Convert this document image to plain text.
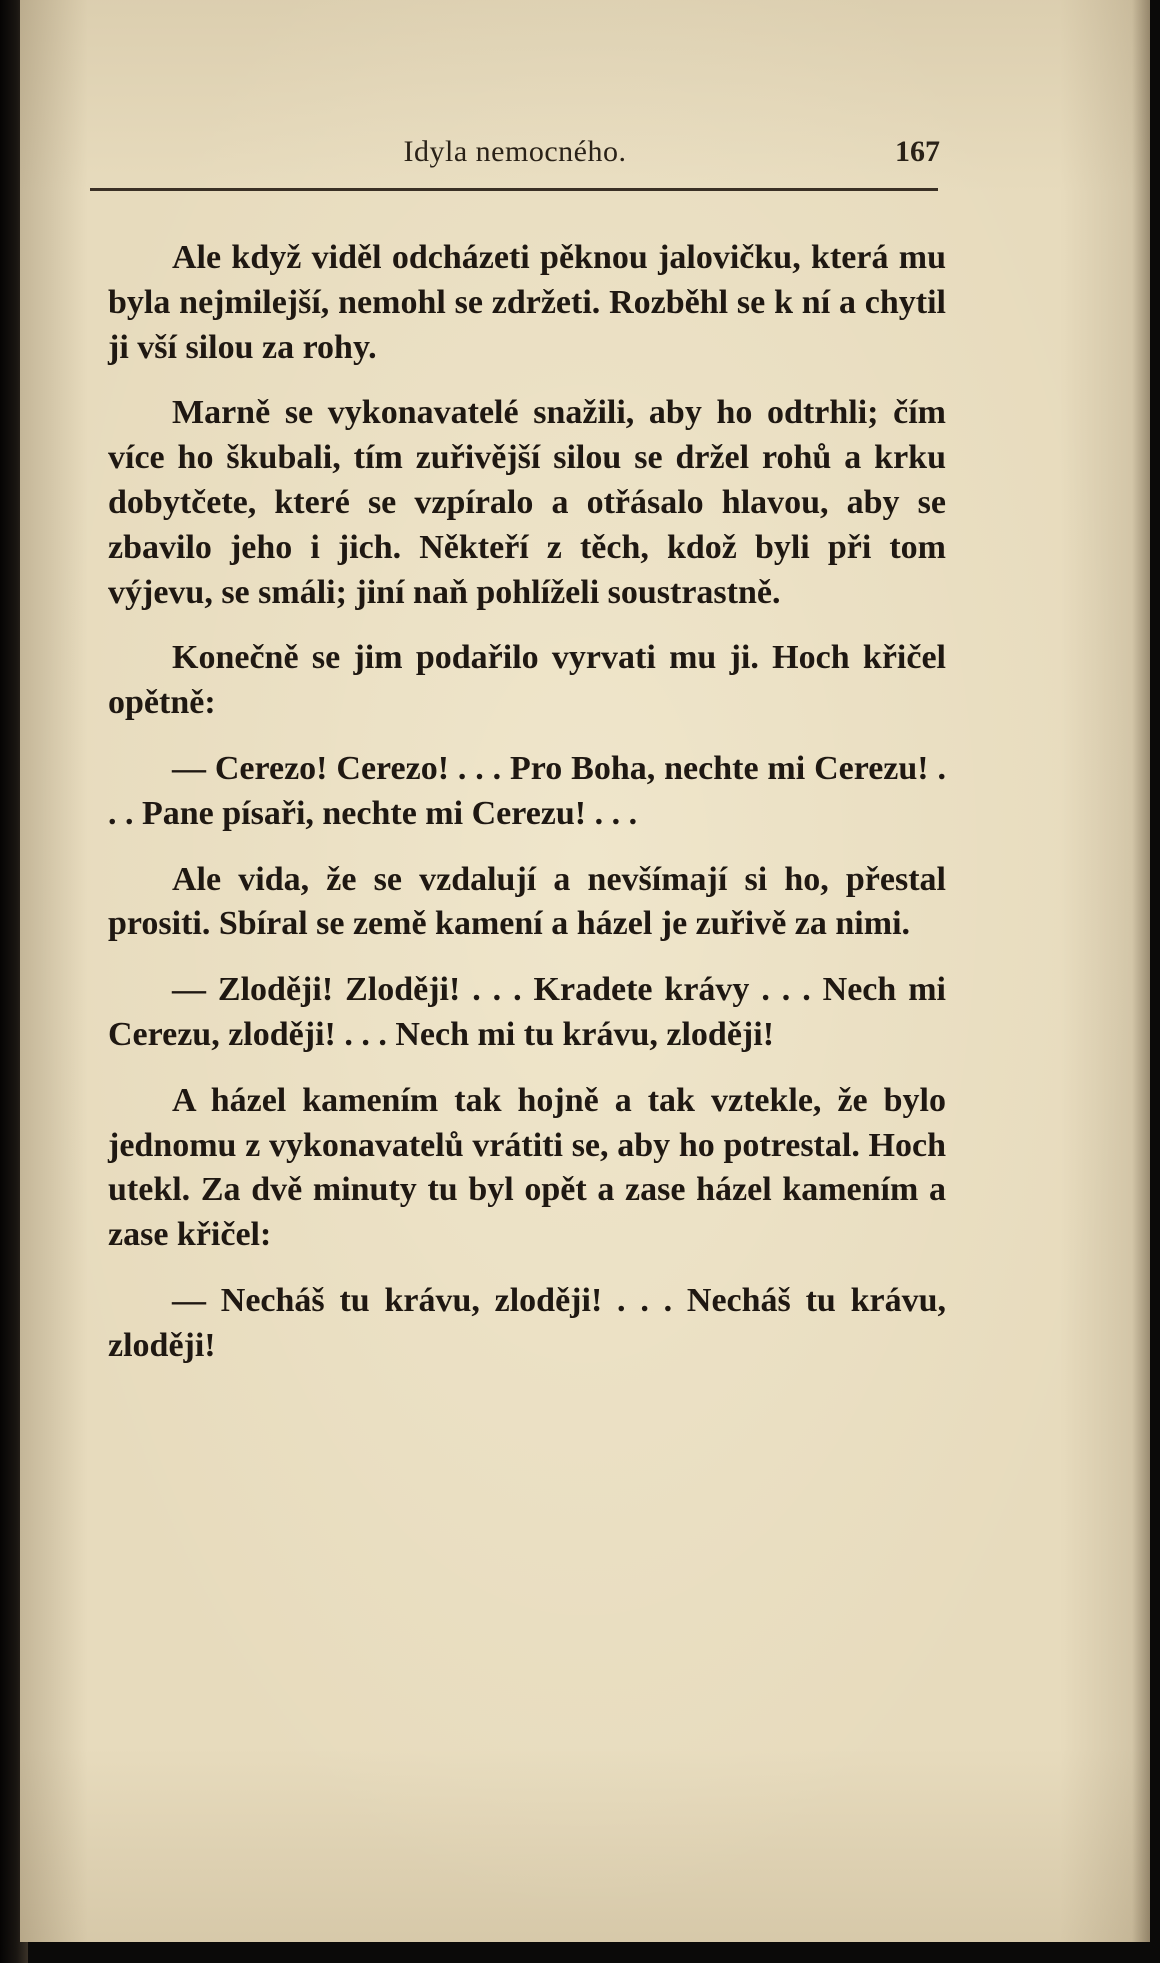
Idyla nemocného.	167

Ale když viděl odcházeti pěknou jalovičku, která mu byla nejmilejší, nemohl se zdržeti. Rozběhl se k ní a chytil ji vší silou za rohy.

Marně se vykonavatelé snažili, aby ho odtrhli; čím více ho škubali, tím zuřivější silou se držel rohů a krku dobytčete, které se vzpíralo a otřásalo hlavou, aby se zbavilo jeho i jich. Někteří z těch, kdož byli při tom výjevu, se smáli; jiní naň pohlíželi soustrastně.

Konečně se jim podařilo vyrvati mu ji. Hoch křičel opětně:

— Cerezo! Cerezo! . . . Pro Boha, nechte mi Cerezu! . . . Pane písaři, nechte mi Cerezu! . . .

Ale vida, že se vzdalují a nevšímají si ho, přestal prositi. Sbíral se země kamení a házel je zuřivě za nimi.

— Zloději! Zloději! . . . Kradete krávy . . . Nech mi Cerezu, zloději! . . . Nech mi tu krávu, zloději!

A házel kamením tak hojně a tak vztekle, že bylo jednomu z vykonavatelů vrátiti se, aby ho potrestal. Hoch utekl. Za dvě minuty tu byl opět a zase házel kamením a zase křičel:

— Necháš tu krávu, zloději! . . . Necháš tu krávu, zloději!
